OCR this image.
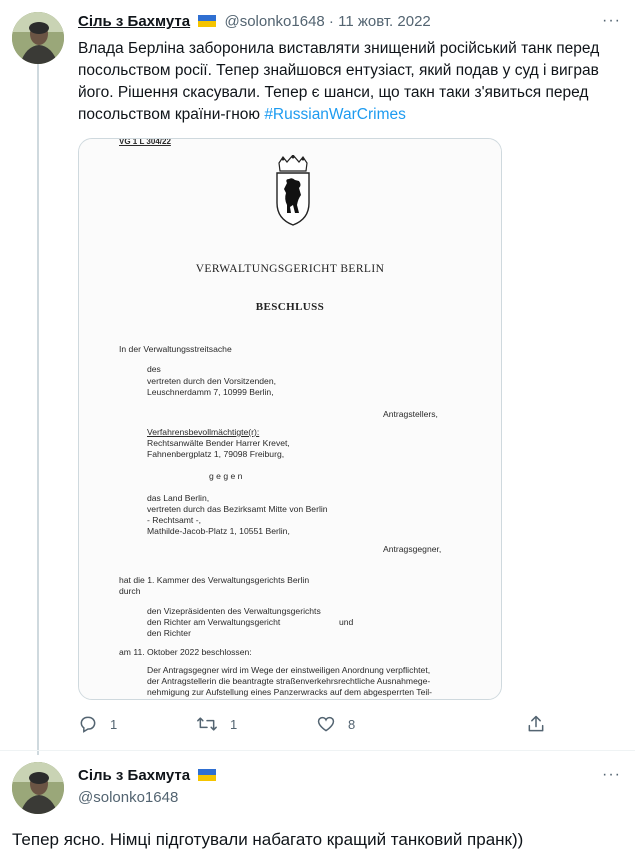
Сіль з Бахмута @solonko1648 · 11 жовт. 2022	···
Влада Берліна заборонила виставляти знищений російський танк перед посольством росії. Тепер знайшовся ентузіаст, який подав у суд і виграв його. Рішення скасували. Тепер є шанси, що такн таки з'явиться перед посольством країни-гною #RussianWarCrimes
VG 1 L 304/22
VERWALTUNGSGERICHT BERLIN
BESCHLUSS
In der Verwaltungsstreitsache
des
vertreten durch den Vorsitzenden,
Leuschnerdamm 7, 10999 Berlin,
Antragstellers,
Verfahrensbevollmächtigte(r):
Rechtsanwälte Bender Harrer Krevet,
Fahnenbergplatz 1, 79098 Freiburg,
g e g e n
das Land Berlin,
vertreten durch das Bezirksamt Mitte von Berlin
- Rechtsamt -,
Mathilde-Jacob-Platz 1, 10551 Berlin,
Antragsgegner,
hat die 1. Kammer des Verwaltungsgerichts Berlin
durch
den Vizepräsidenten des Verwaltungsgerichts
den Richter am Verwaltungsgericht	und
den Richter
am 11. Oktober 2022 beschlossen:
Der Antragsgegner wird im Wege der einstweiligen Anordnung verpflichtet,
der Antragstellerin die beantragte straßenverkehrsrechtliche Ausnahmege-
nehmigung zur Aufstellung eines Panzerwracks auf dem abgesperrten Teil-
1	1	8
Сіль з Бахмута
@solonko1648
···
Тепер ясно. Німці підготували набагато кращий танковий пранк))
